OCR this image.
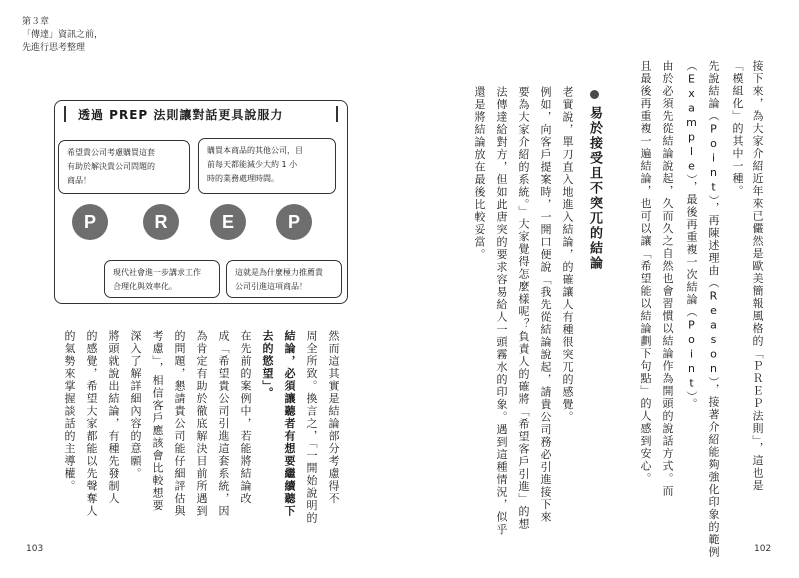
第３章
「傳達」資訊之前，
先進行思考整理
透過 PREP 法則讓對話更具說服力
希望貴公司考慮購買這套
有助於解決貴公司問題的
商品！
購買本商品的其他公司，目
前每天都能減少大約 1 小
時的業務處理時間。
P	R	E	P
現代社會進一步講求工作
合理化與效率化。
這就是為什麼極力推薦貴
公司引進這項商品！	接下來，為大家介紹近年來已儼然是歐美簡報風格的「ＰＲＥＰ法則」，這也是
「模組化」的其中一種。
先說結論（Point），再陳述理由（Reason），接著介紹能夠強化印象的範例
（Example），最後再重複一次結論（Point）。
由於必須先從結論說起，久而久之自然也會習慣以結論作為開頭的說話方式。而
且最後再重複一遍結論，也可以讓「希望能以結論劃下句點」的人感到安心。
易於接受且不突兀的結論
老實說，單刀直入地進入結論，的確讓人有種很突兀的感覺。
例如，向客戶提案時，一開口便說「我先從結論說起，請貴公司務必引進接下來
要為大家介紹的系統。」大家覺得怎麼樣呢？負責人的確將「希望客戶引進」的想
法傳達給對方，但如此唐突的要求容易給人一頭霧水的印象。遇到這種情況，似乎
還是將結論放在最後比較妥當。
然而這其實是結論部分考慮得不
周全所致。換言之，「一開始說明的
結論，必須讓聽者有想要繼續聽下
去的慾望」。
在先前的案例中，若能將結論改
成「希望貴公司引進這套系統，因
為肯定有助於徹底解決目前所遇到
的問題，懇請貴公司能仔細評估與
考慮」，相信客戶應該會比較想要
深入了解詳細內容的意願。
將頭就說出結論，有種先發制人
的感覺，希望大家都能以先聲奪人
的氣勢來掌握談話的主導權。
103	102
